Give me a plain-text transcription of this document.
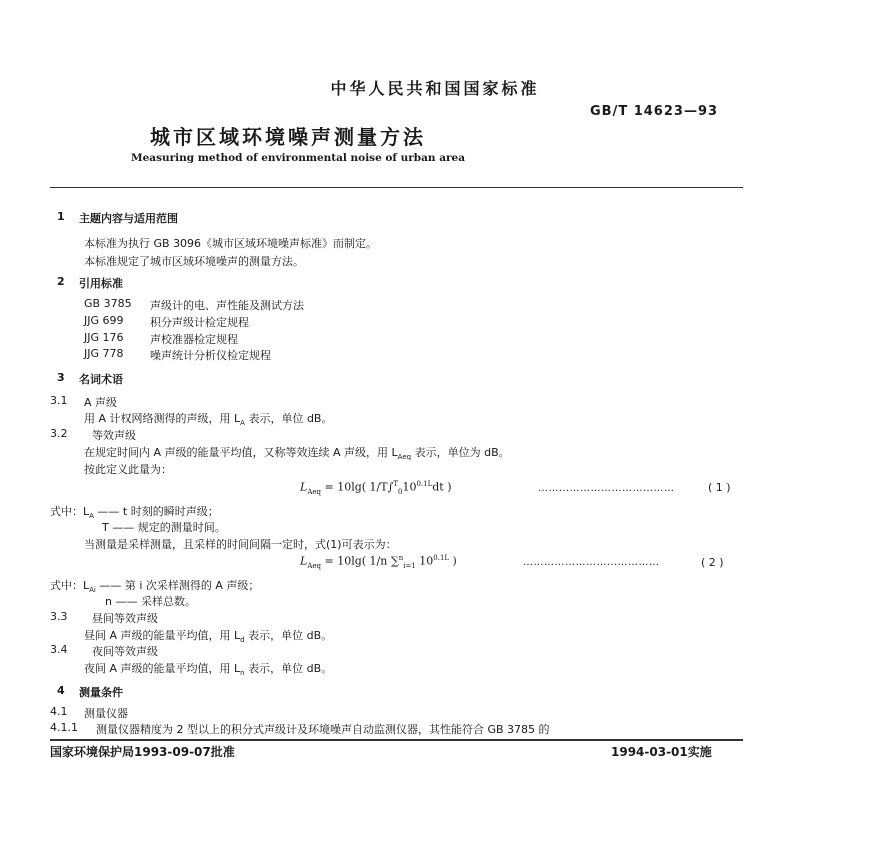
中华人民共和国国家标准
GB/T 14623—93
城市区域环境噪声测量方法
Measuring method of environmental noise of urban area
1 主题内容与适用范围
本标准为执行 GB 3096《城市区域环境噪声标准》而制定。
本标准规定了城市区域环境噪声的测量方法。
2 引用标准
GB 3785 声级计的电、声性能及测试方法
JJG 699 积分声级计检定规程
JJG 176 声校准器检定规程
JJG 778 噪声统计分析仪检定规程
3 名词术语
3.1 A 声级
用 A 计权网络测得的声级，用 $L_A$ 表示，单位 dB。
3.2 等效声级
在规定时间内 A 声级的能量平均值，又称等效连续 A 声级，用 $L_{Aeq}$ 表示，单位为 dB。
按此定义此量为：
$L_{Aeq} = 10\lg$( $1/T\int^T_010^{0.1L}dt$ )	…………………………………	( 1 )
式中：$L_A$ —— t 时刻的瞬时声级；
T —— 规定的测量时间。
当测量是采样测量，且采样的时间间隔一定时，式(1)可表示为：
$L_{Aeq} = 10\lg$( 1/n ∑$^n_{i=1}$ $10^{0.1L}$ )	…………………………………	( 2 )
式中：$L_{Ai}$ —— 第 i 次采样测得的 A 声级；
n —— 采样总数。
3.3 昼间等效声级
昼间 A 声级的能量平均值，用 $L_d$ 表示，单位 dB。
3.4 夜间等效声级
夜间 A 声级的能量平均值，用 $L_n$ 表示，单位 dB。
4 测量条件
4.1 测量仪器
4.1.1 测量仪器精度为 2 型以上的积分式声级计及环境噪声自动监测仪器，其性能符合 GB 3785 的
国家环境保护局1993-09-07批准	1994-03-01实施
